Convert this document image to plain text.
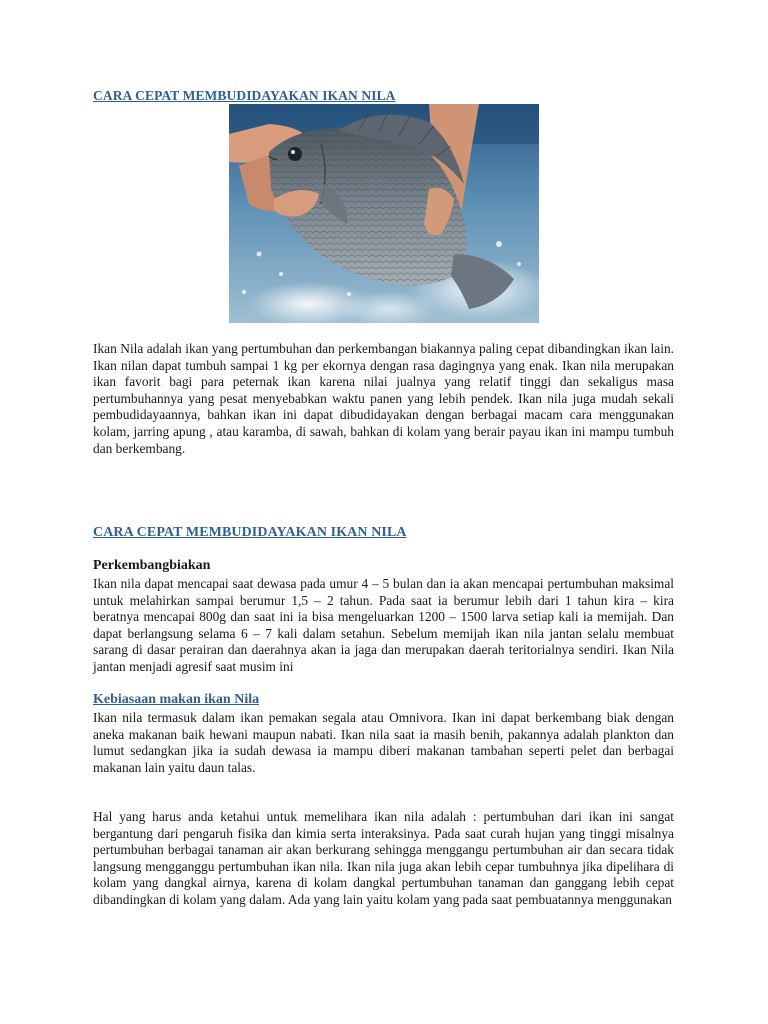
CARA CEPAT MEMBUDIDAYAKAN IKAN NILA

Ikan Nila adalah ikan yang pertumbuhan dan perkembangan biakannya paling cepat dibandingkan ikan lain. Ikan nilan dapat tumbuh sampai 1 kg per ekornya dengan rasa dagingnya yang enak. Ikan nila merupakan ikan favorit bagi para peternak ikan karena nilai jualnya yang relatif tinggi dan sekaligus masa pertumbuhannya yang pesat menyebabkan waktu panen yang lebih pendek. Ikan nila juga mudah sekali pembudidayaannya, bahkan ikan ini dapat dibudidayakan dengan berbagai macam cara menggunakan kolam, jarring apung , atau karamba, di sawah, bahkan di kolam yang berair payau ikan ini mampu tumbuh dan berkembang.

CARA CEPAT MEMBUDIDAYAKAN IKAN NILA
Perkembangbiakan

Ikan nila dapat mencapai saat dewasa pada umur 4 – 5 bulan dan ia akan mencapai pertumbuhan maksimal untuk melahirkan sampai berumur 1,5 – 2 tahun. Pada saat ia berumur lebih dari 1 tahun kira – kira beratnya mencapai 800g dan saat ini ia bisa mengeluarkan 1200 – 1500 larva setiap kali ia memijah. Dan dapat berlangsung selama 6 – 7 kali dalam setahun. Sebelum memijah ikan nila jantan selalu membuat sarang di dasar perairan dan daerahnya akan ia jaga dan merupakan daerah teritorialnya sendiri. Ikan Nila jantan menjadi agresif saat musim ini

Kebiasaan makan ikan Nila

Ikan nila termasuk dalam ikan pemakan segala atau Omnivora. Ikan ini dapat berkembang biak dengan aneka makanan baik hewani maupun nabati. Ikan nila saat ia masih benih, pakannya adalah plankton dan lumut sedangkan jika ia sudah dewasa ia mampu diberi makanan tambahan seperti pelet dan berbagai makanan lain yaitu daun talas.

Hal yang harus anda ketahui untuk memelihara ikan nila adalah : pertumbuhan dari ikan ini sangat bergantung dari pengaruh fisika dan kimia serta interaksinya. Pada saat curah hujan yang tinggi misalnya pertumbuhan berbagai tanaman air akan berkurang sehingga menggangu pertumbuhan air dan secara tidak langsung mengganggu pertumbuhan ikan nila. Ikan nila juga akan lebih cepar tumbuhnya jika dipelihara di kolam yang dangkal airnya, karena di kolam dangkal pertumbuhan tanaman dan ganggang lebih cepat dibandingkan di kolam yang dalam. Ada yang lain yaitu kolam yang pada saat pembuatannya menggunakan
